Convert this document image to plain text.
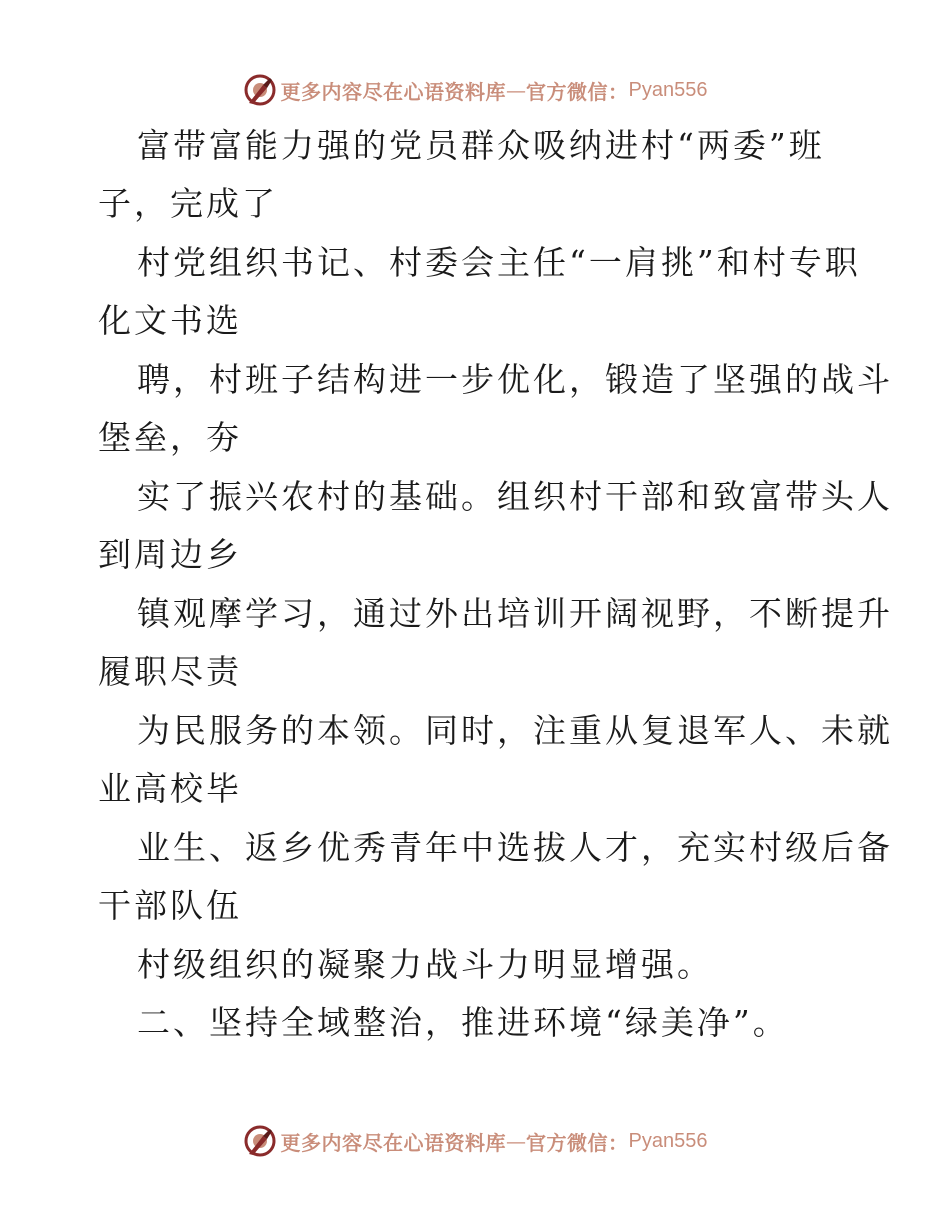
更多内容尽在心语资料库 — 官方微信： Pyan556
富带富能力强的党员群众吸纳进村“两委”班
子，完成了
村党组织书记、村委会主任“一肩挑”和村专职
化文书选
聘，村班子结构进一步优化，锻造了坚强的战斗
堡垒，夯
实了振兴农村的基础。组织村干部和致富带头人
到周边乡
镇观摩学习，通过外出培训开阔视野，不断提升
履职尽责
为民服务的本领。同时，注重从复退军人、未就
业高校毕
业生、返乡优秀青年中选拔人才，充实村级后备
干部队伍
村级组织的凝聚力战斗力明显增强。
二、坚持全域整治，推进环境“绿美净”。
更多内容尽在心语资料库 — 官方微信： Pyan556
